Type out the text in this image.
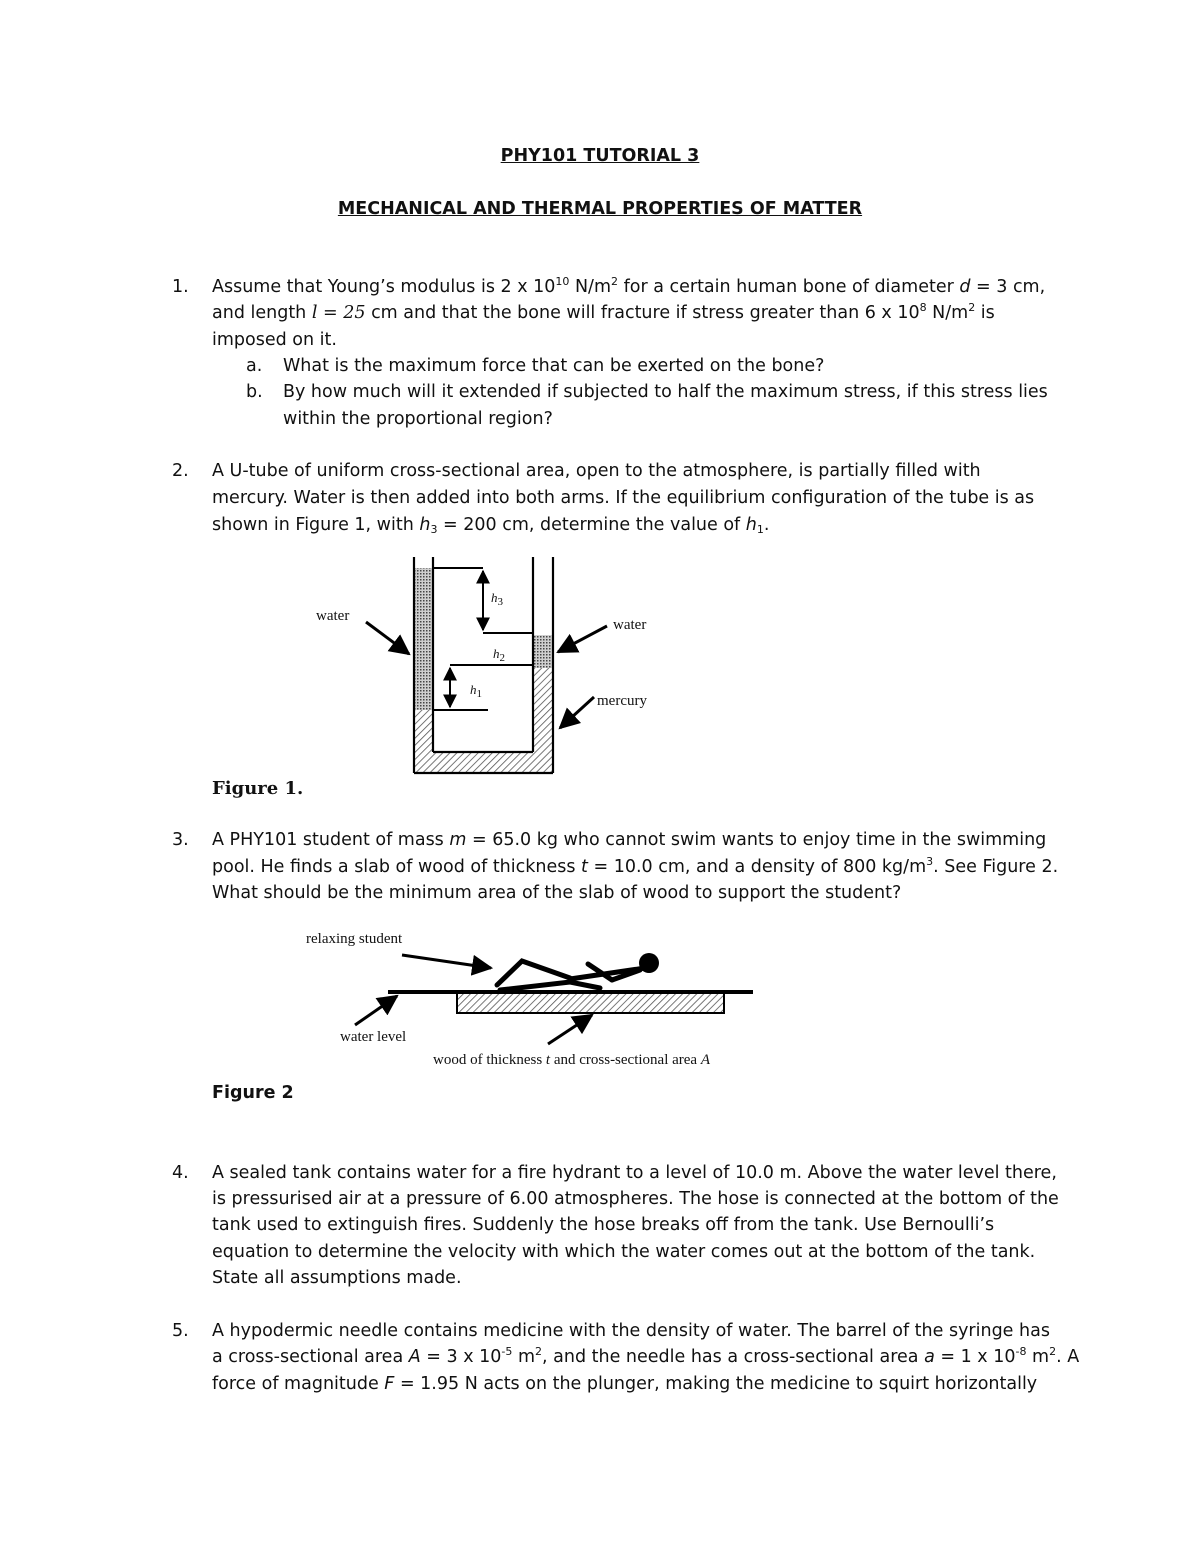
PHY101 TUTORIAL 3
MECHANICAL AND THERMAL PROPERTIES OF MATTER
1. Assume that Young’s modulus is 2 x $10^{10}$ $N/m^2$ for a certain human bone of diameter d = 3 cm,
and length l = 25 cm and that the bone will fracture if stress greater than 6 x $10^8$ $N/m^2$ is
imposed on it.
a. What is the maximum force that can be exerted on the bone?
b. By how much will it extended if subjected to half the maximum stress, if this stress lies
within the proportional region?
2. A U-tube of uniform cross-sectional area, open to the atmosphere, is partially filled with
mercury. Water is then added into both arms. If the equilibrium configuration of the tube is as
shown in Figure 1, with $h_3 = 200$ cm, determine the value of $h_1$.
water
water
mercury
$h_3$
$h_2$
$h_1$
Figure 1.
3. A PHY101 student of mass m = 65.0 kg who cannot swim wants to enjoy time in the swimming
pool. He finds a slab of wood of thickness t = 10.0 cm, and a density of 800 $kg/m^3$. See Figure 2.
What should be the minimum area of the slab of wood to support the student?
relaxing student
water level
wood of thickness t and cross-sectional area A
Figure 2
4. A sealed tank contains water for a fire hydrant to a level of 10.0 m. Above the water level there,
is pressurised air at a pressure of 6.00 atmospheres. The hose is connected at the bottom of the
tank used to extinguish fires. Suddenly the hose breaks off from the tank. Use Bernoulli’s
equation to determine the velocity with which the water comes out at the bottom of the tank.
State all assumptions made.
5. A hypodermic needle contains medicine with the density of water. The barrel of the syringe has
a cross-sectional area A = 3 x $10^{-5}$ $m^2$, and the needle has a cross-sectional area a = 1 x $10^{-8}$ $m^2$. A
force of magnitude F = 1.95 N acts on the plunger, making the medicine to squirt horizontally
